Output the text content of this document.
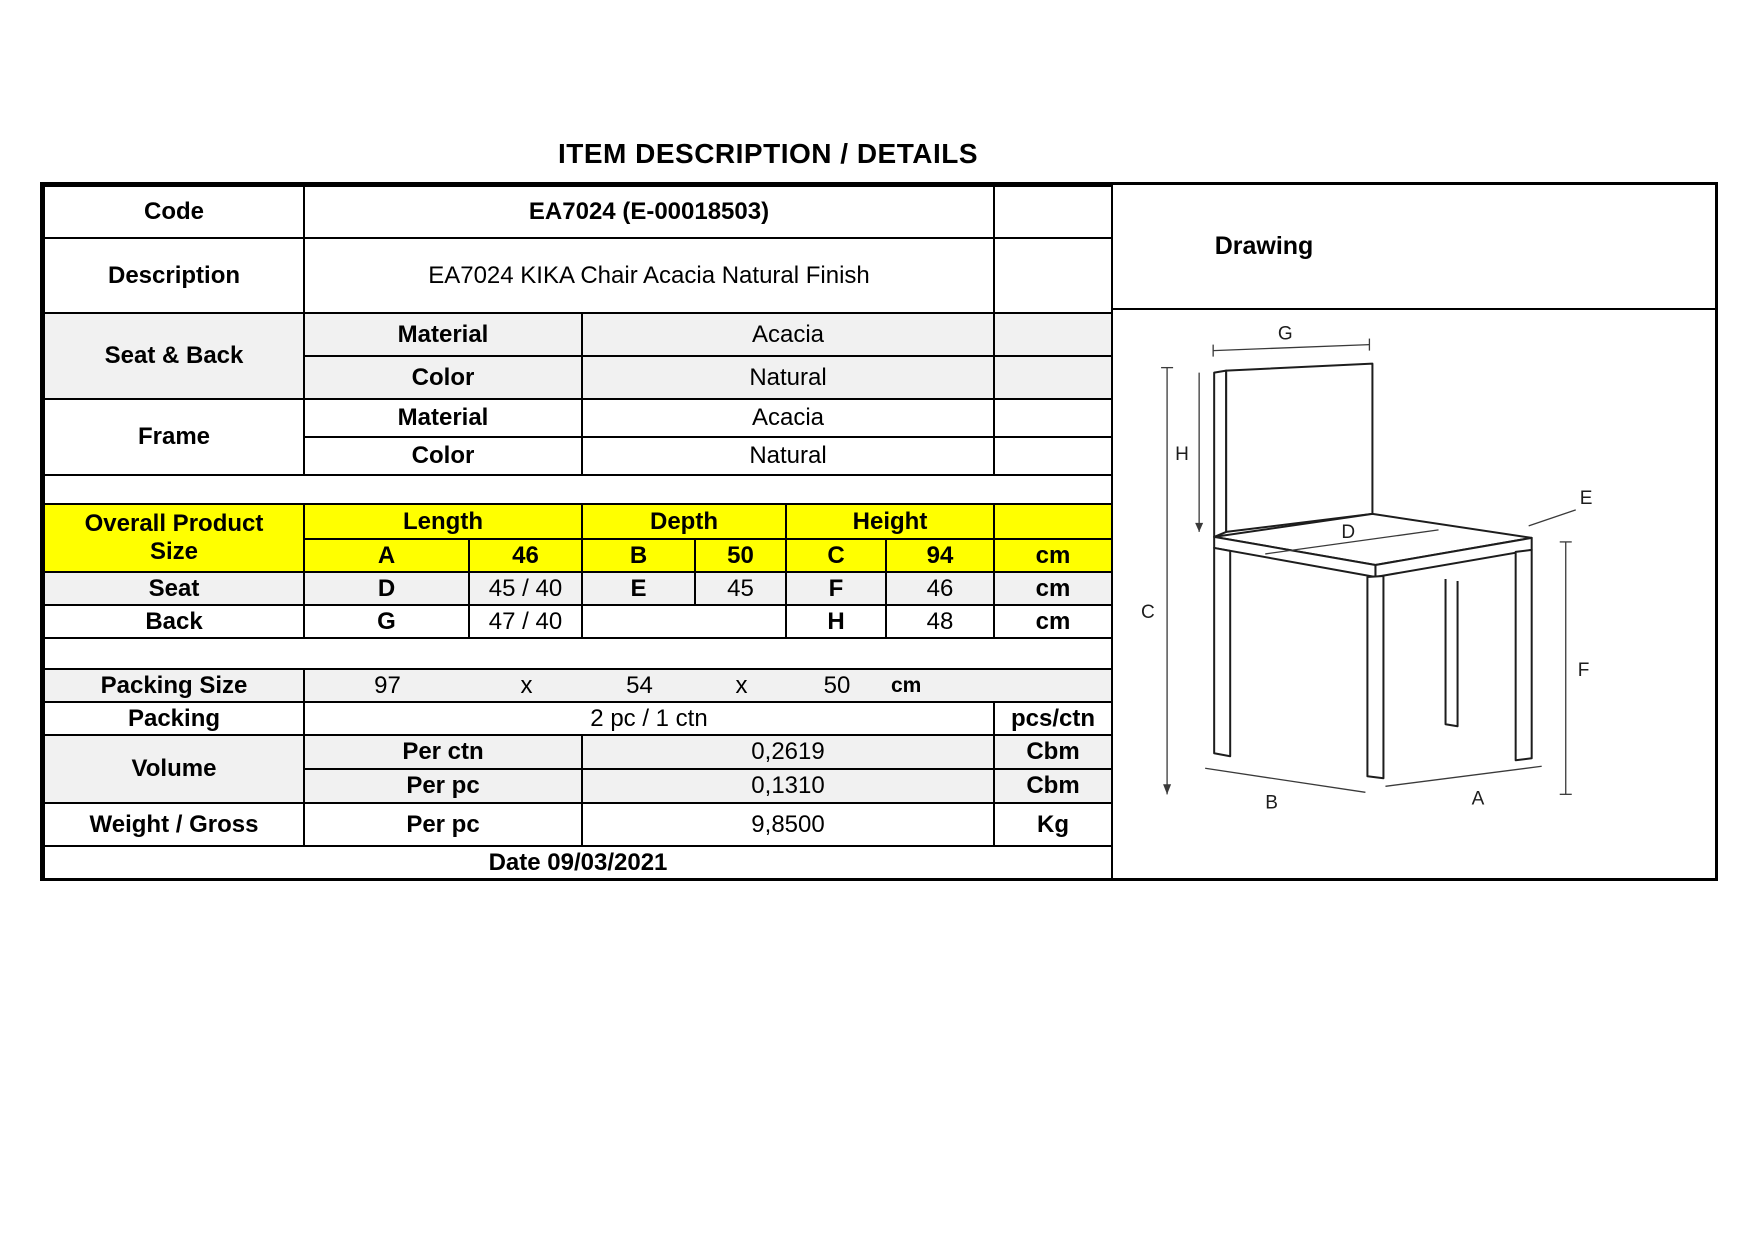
ITEM DESCRIPTION / DETAILS
Code	EA7024 (E-00018503)						
Description	EA7024 KIKA Chair Acacia Natural Finish						
Seat & Back	Material		Acacia				
	Color		Natural				
Frame	Material		Acacia				
	Color		Natural				

Overall Product
Size	Length		Depth		Height		
	A	46	B	50	C	94	cm
Seat	D	45 / 40	E	45	F	46	cm
Back	G	47 / 40			H	48	cm

Packing Size	97	x	54	x	50	cm

Packing	2 pc / 1 ctn						pcs/ctn
Volume	Per ctn		0,2619				Cbm
	Per pc		0,1310				Cbm
Weight / Gross	Per pc		9,8500				Kg
Date 09/03/2021							
Drawing
G
H
C
E
D
F
A
B
